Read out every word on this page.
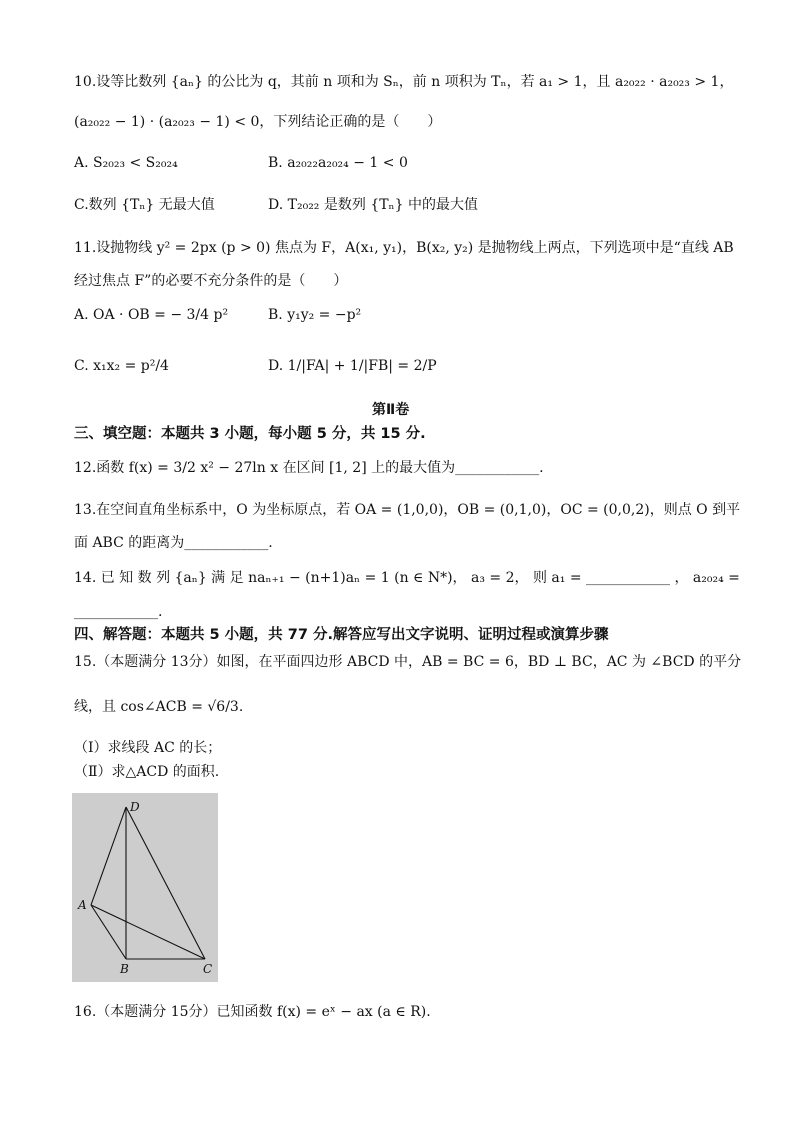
10.设等比数列 {aₙ} 的公比为 q，其前 n 项和为 Sₙ，前 n 项积为 Tₙ，若 a₁ > 1，且 a₂₀₂₂ · a₂₀₂₃ > 1，
(a₂₀₂₂ − 1) · (a₂₀₂₃ − 1) < 0，下列结论正确的是（　　）
A. S₂₀₂₃ < S₂₀₂₄	B. a₂₀₂₂a₂₀₂₄ − 1 < 0
C.数列 {Tₙ} 无最大值	D. T₂₀₂₂ 是数列 {Tₙ} 中的最大值
11.设抛物线 y² = 2px (p > 0) 焦点为 F，A(x₁, y₁)，B(x₂, y₂) 是抛物线上两点，下列选项中是“直线 AB
经过焦点 F”的必要不充分条件的是（　　）
A. OA · OB = − 3/4 p²	B. y₁y₂ = −p²
C. x₁x₂ = p²/4	D. 1/|FA| + 1/|FB| = 2/P
第Ⅱ卷
三、填空题：本题共 3 小题，每小题 5 分，共 15 分.
12.函数 f(x) = 3/2 x² − 27ln x 在区间 [1, 2] 上的最大值为____________.
13.在空间直角坐标系中，O 为坐标原点，若 OA = (1,0,0)，OB = (0,1,0)，OC = (0,0,2)，则点 O 到平
面 ABC 的距离为____________.
14. 已 知 数 列 {aₙ} 满 足 naₙ₊₁ − (n+1)aₙ = 1 (n ∈ N*)， a₃ = 2， 则 a₁ = ____________ ， a₂₀₂₄ =
____________.
四、解答题：本题共 5 小题，共 77 分.解答应写出文字说明、证明过程或演算步骤
15.（本题满分 13分）如图，在平面四边形 ABCD 中，AB = BC = 6，BD ⊥ BC，AC 为 ∠BCD 的平分
线，且 cos∠ACB = √6/3.
（Ⅰ）求线段 AC 的长；
（Ⅱ）求△ACD 的面积.
D
A
B	C
16.（本题满分 15分）已知函数 f(x) = eˣ − ax (a ∈ R).
